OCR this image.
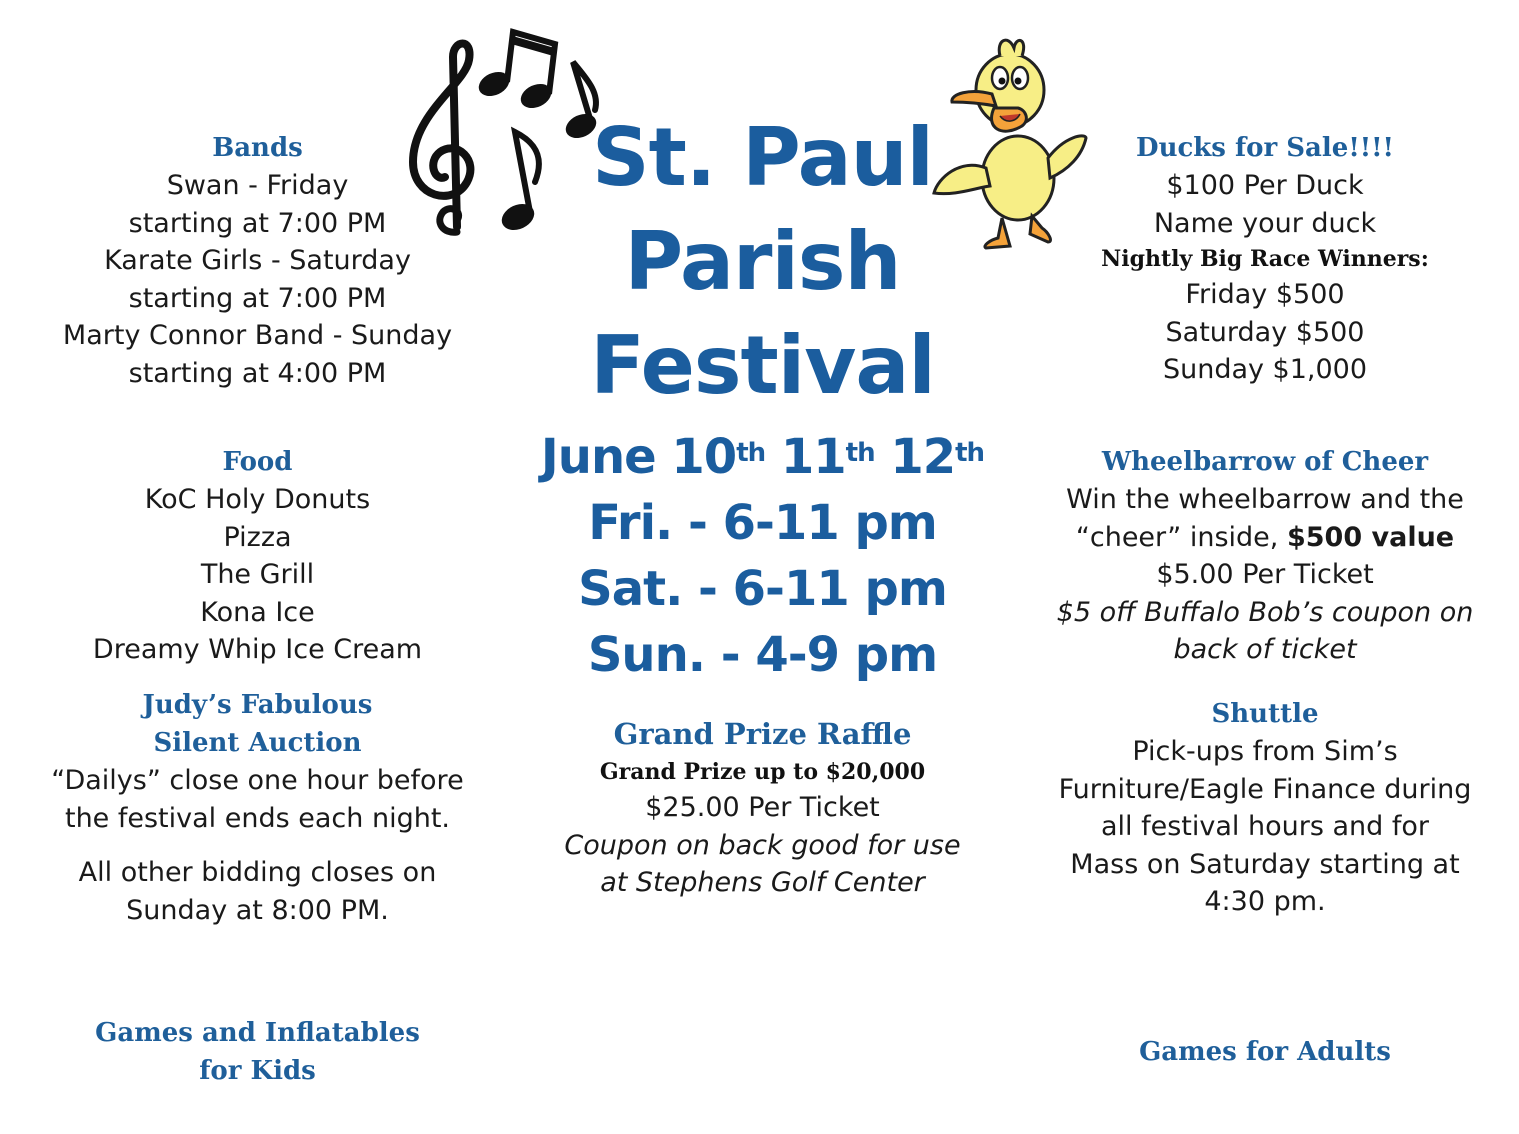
Bands
Swan - Friday
starting at 7:00 PM
Karate Girls - Saturday
starting at 7:00 PM
Marty Connor Band - Sunday
starting at 4:00 PM
Food
KoC Holy Donuts
Pizza
The Grill
Kona Ice
Dreamy Whip Ice Cream
Judy’s Fabulous
Silent Auction
“Dailys” close one hour before
the festival ends each night.
All other bidding closes on
Sunday at 8:00 PM.
Games and Inflatables
for Kids
St. Paul
Parish
Festival
June 10th 11th 12th
Fri. - 6-11 pm
Sat. - 6-11 pm
Sun. - 4-9 pm
Grand Prize Raffle
Grand Prize up to $20,000
$25.00 Per Ticket
Coupon on back good for use
at Stephens Golf Center
Ducks for Sale!!!!
$100 Per Duck
Name your duck
Nightly Big Race Winners:
Friday $500
Saturday $500
Sunday $1,000
Wheelbarrow of Cheer
Win the wheelbarrow and the
“cheer” inside, $500 value
$5.00 Per Ticket
$5 off Buffalo Bob’s coupon on
back of ticket
Shuttle
Pick-ups from Sim’s
Furniture/Eagle Finance during
all festival hours and for
Mass on Saturday starting at
4:30 pm.
Games for Adults
